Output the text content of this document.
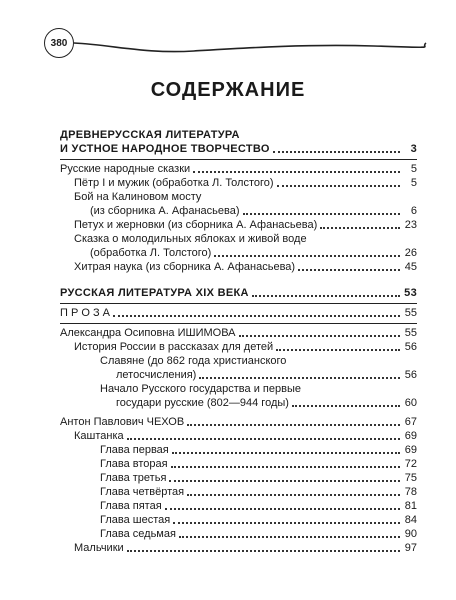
380
СОДЕРЖАНИЕ
ДРЕВНЕРУССКАЯ ЛИТЕРАТУРА
И УСТНОЕ НАРОДНОЕ ТВОРЧЕСТВО	3
Русские народные сказки	5
Пётр I и мужик (обработка Л. Толстого)	5
Бой на Калиновом мосту
(из сборника А. Афанасьева)	6
Петух и жерновки (из сборника А. Афанасьева)	23
Сказка о молодильных яблоках и живой воде
(обработка Л. Толстого)	26
Хитрая наука (из сборника А. Афанасьева)	45
РУССКАЯ ЛИТЕРАТУРА XIX ВЕКА	53
П Р О З А	55
Александра Осиповна ИШИМОВА	55
История России в рассказах для детей	56
Славяне (до 862 года христианского
летосчисления)	56
Начало Русского государства и первые
государи русские (802—944 годы)	60
Антон Павлович ЧЕХОВ	67
Каштанка	69
Глава первая	69
Глава вторая	72
Глава третья	75
Глава четвёртая	78
Глава пятая	81
Глава шестая	84
Глава седьмая	90
Мальчики	97
